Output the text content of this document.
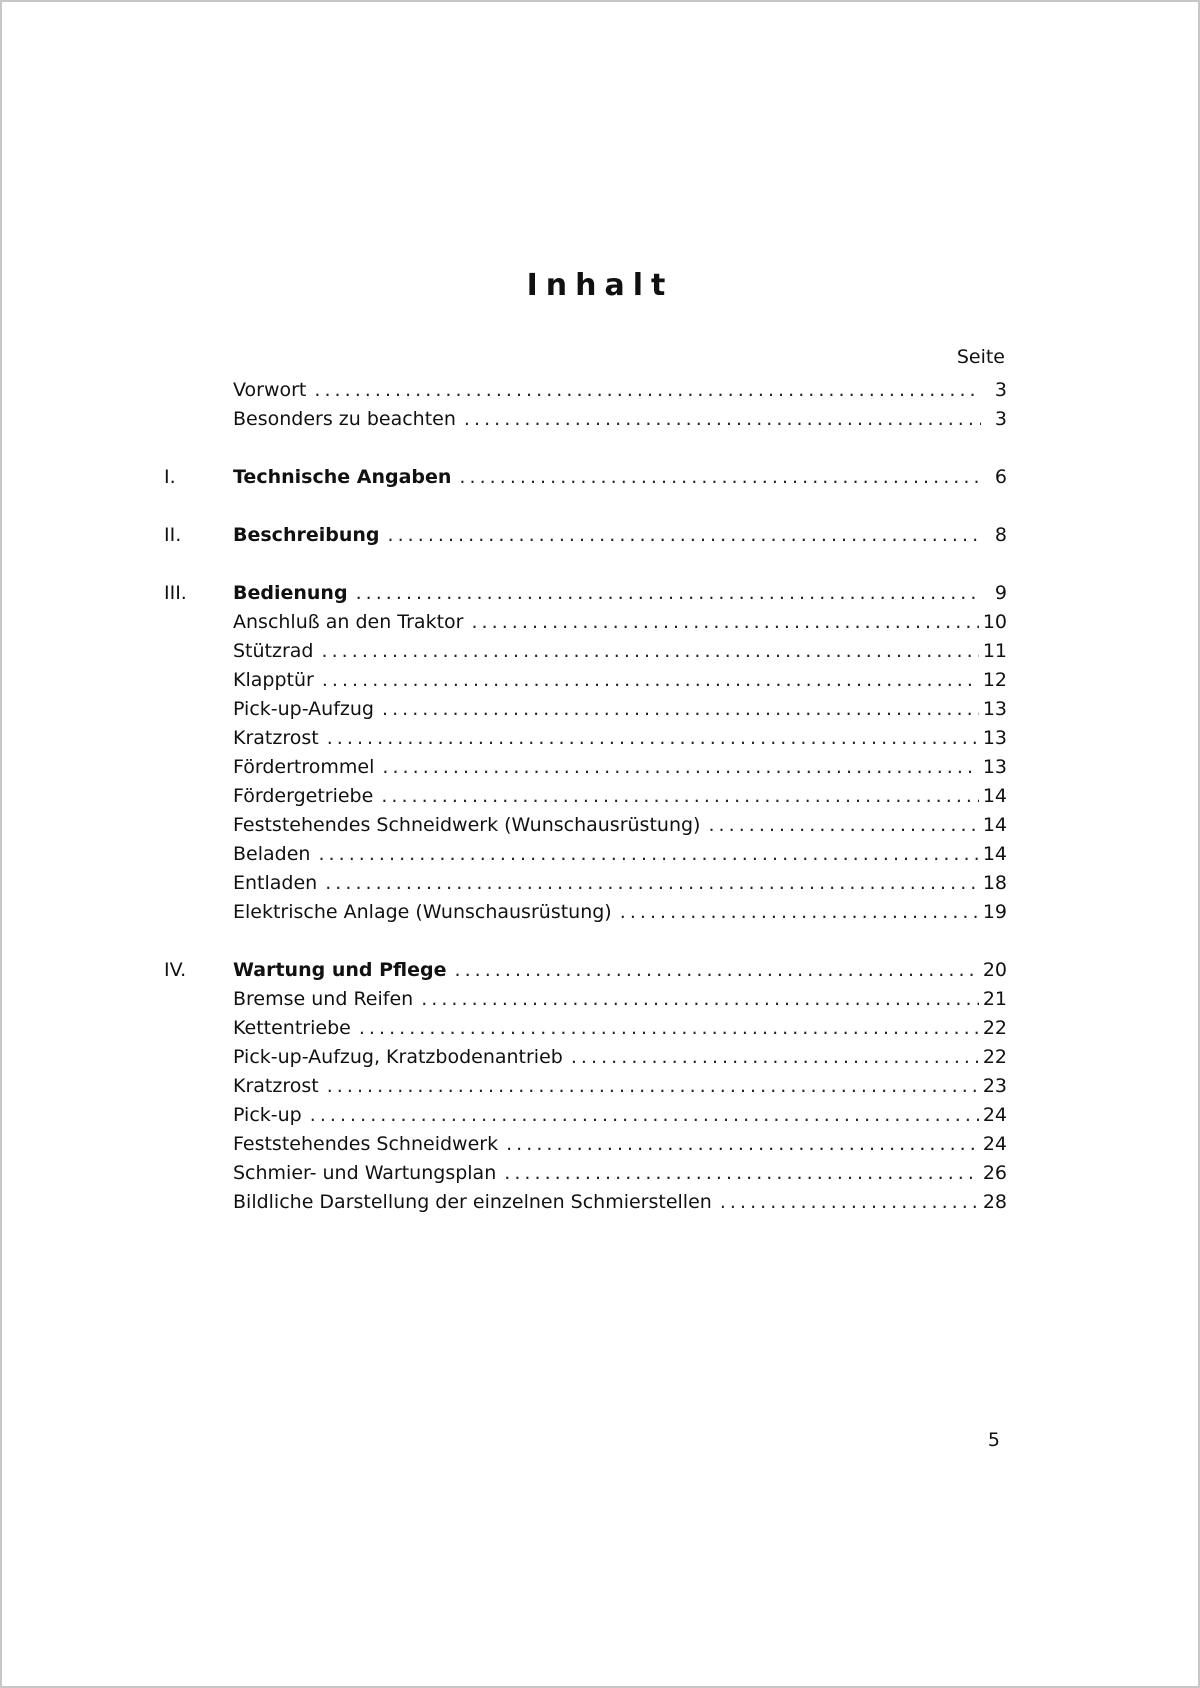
Inhalt
Seite
Vorwort . . .	3
Besonders zu beachten . . .	3
I.	Technische Angaben . . .	6
II.	Beschreibung . . .	8
III.	Bedienung . . .	9
Anschluß an den Traktor . . .	10
Stützrad . . .	11
Klapptür . . .	12
Pick-up-Aufzug . . .	13
Kratzrost . . .	13
Fördertrommel . . .	13
Fördergetriebe . . .	14
Feststehendes Schneidwerk (Wunschausrüstung) . . .	14
Beladen . . .	14
Entladen . . .	18
Elektrische Anlage (Wunschausrüstung) . . .	19
IV.	Wartung und Pflege . . .	20
Bremse und Reifen . . .	21
Kettentriebe . . .	22
Pick-up-Aufzug, Kratzbodenantrieb . . .	22
Kratzrost . . .	23
Pick-up . . .	24
Feststehendes Schneidwerk . . .	24
Schmier- und Wartungsplan . . .	26
Bildliche Darstellung der einzelnen Schmierstellen . . .	28
5
